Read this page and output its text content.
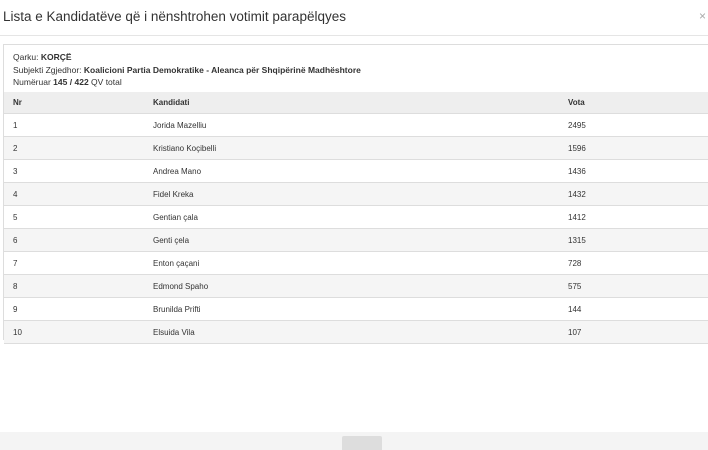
Lista e Kandidatëve që i nënshtrohen votimit parapëlqyes	×
Qarku: KORÇË
Subjekti Zgjedhor: Koalicioni Partia Demokratike - Aleanca për Shqipërinë Madhështore
Numëruar 145 / 422 QV total
Nr	Kandidati	Vota
1	Jorida Mazelliu	2495
2	Kristiano Koçibelli	1596
3	Andrea Mano	1436
4	Fidel Kreka	1432
5	Gentian çala	1412
6	Genti çela	1315
7	Enton çaçani	728
8	Edmond Spaho	575
9	Brunilda Prifti	144
10	Elsuida Vila	107
